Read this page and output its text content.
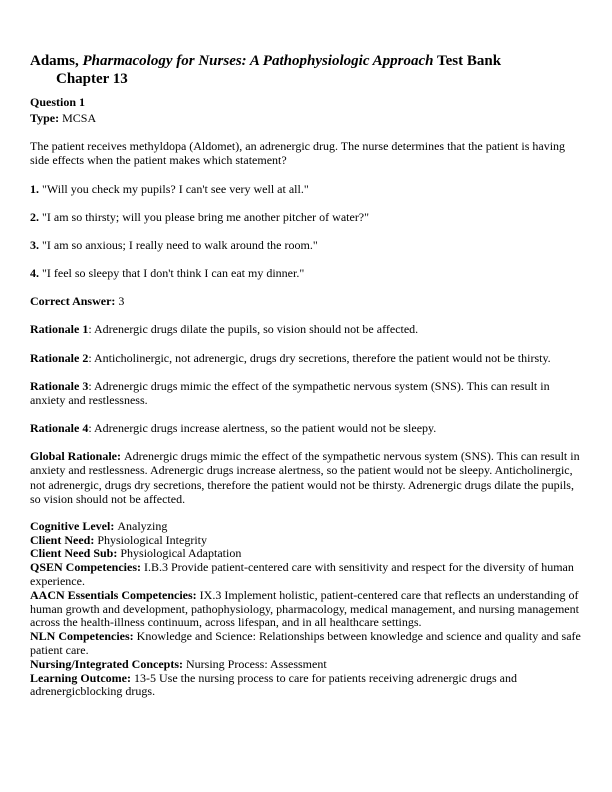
Adams, Pharmacology for Nurses: A Pathophysiologic Approach Test Bank Chapter 13

Question 1

Type: MCSA

The patient receives methyldopa (Aldomet), an adrenergic drug. The nurse determines that the patient is having side effects when the patient makes which statement?

1. "Will you check my pupils? I can't see very well at all."

2. "I am so thirsty; will you please bring me another pitcher of water?"

3. "I am so anxious; I really need to walk around the room."

4. "I feel so sleepy that I don't think I can eat my dinner."

Correct Answer: 3

Rationale 1: Adrenergic drugs dilate the pupils, so vision should not be affected.

Rationale 2: Anticholinergic, not adrenergic, drugs dry secretions, therefore the patient would not be thirsty.

Rationale 3: Adrenergic drugs mimic the effect of the sympathetic nervous system (SNS). This can result in anxiety and restlessness.

Rationale 4: Adrenergic drugs increase alertness, so the patient would not be sleepy.

Global Rationale: Adrenergic drugs mimic the effect of the sympathetic nervous system (SNS). This can result in anxiety and restlessness. Adrenergic drugs increase alertness, so the patient would not be sleepy. Anticholinergic, not adrenergic, drugs dry secretions, therefore the patient would not be thirsty. Adrenergic drugs dilate the pupils, so vision should not be affected.

Cognitive Level: Analyzing

Client Need: Physiological Integrity

Client Need Sub: Physiological Adaptation

QSEN Competencies: I.B.3 Provide patient-centered care with sensitivity and respect for the diversity of human experience.

AACN Essentials Competencies: IX.3 Implement holistic, patient-centered care that reflects an understanding of human growth and development, pathophysiology, pharmacology, medical management, and nursing management across the health-illness continuum, across lifespan, and in all healthcare settings.

NLN Competencies: Knowledge and Science: Relationships between knowledge and science and quality and safe patient care.

Nursing/Integrated Concepts: Nursing Process: Assessment

Learning Outcome: 13-5 Use the nursing process to care for patients receiving adrenergic drugs and adrenergicblocking drugs.
